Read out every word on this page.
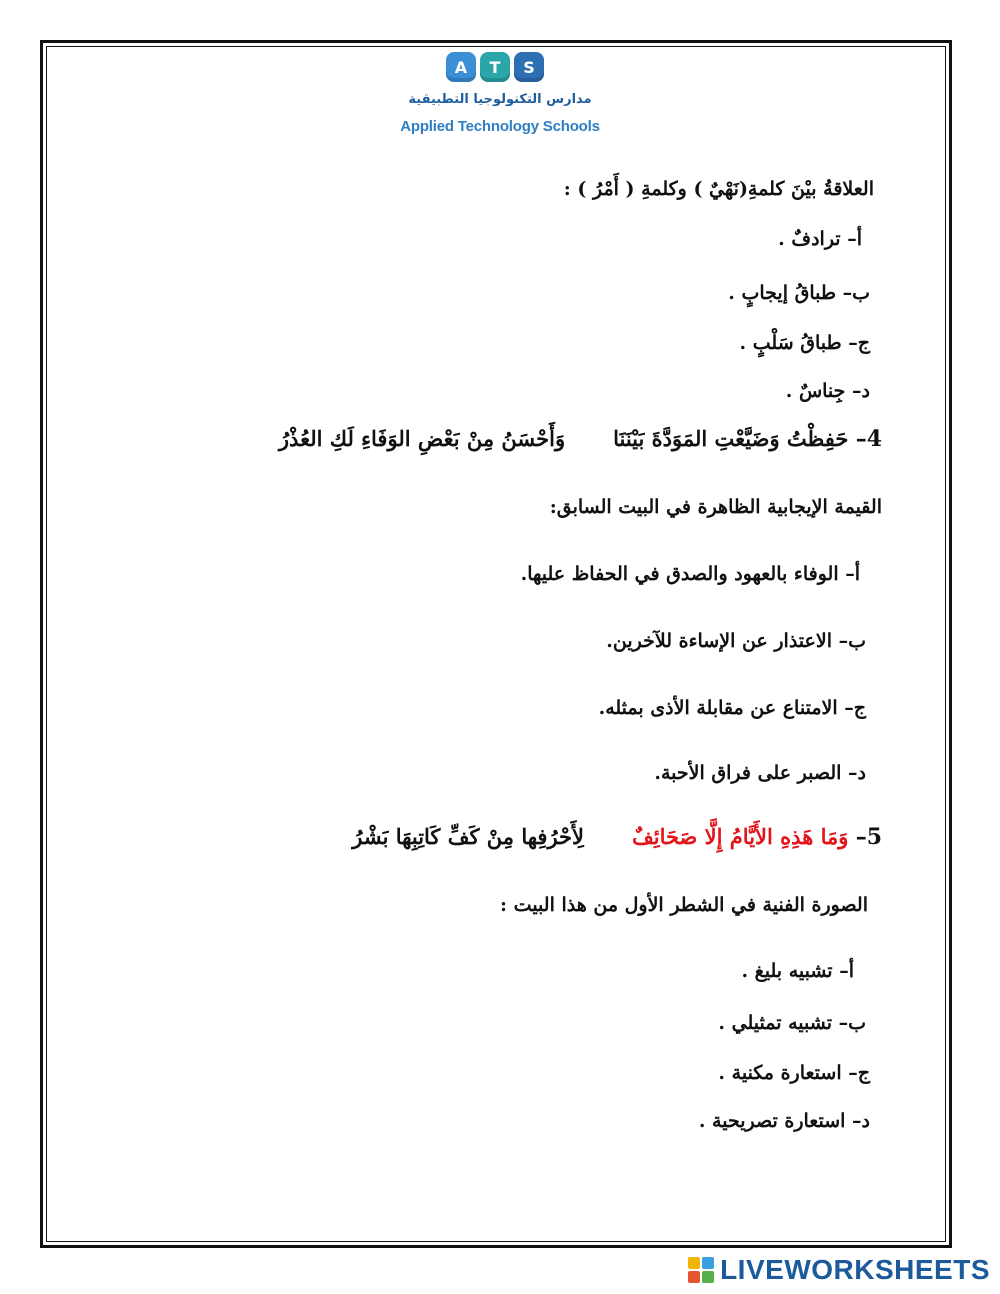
A	T	S
مدارس التكنولوجيا التطبيقية
Applied Technology Schools
العلاقةُ بيْنَ كلمةِ(نَهْيٌ ) وكلمةِ ( أَمْرُ ) :
أ– ترادفٌ .
ب– طباقُ إيجابٍ .
ج– طباقُ سَلْبٍ .
د– جِناسٌ .
4– حَفِظْتُ وَضَيَّعْتِ المَوَدَّةَ بَيْنَنَاوَأَحْسَنُ مِنْ بَعْضِ الوَفَاءِ لَكِ العُذْرُ
القيمة الإيجابية الظاهرة في البيت السابق:
أ– الوفاء بالعهود والصدق في الحفاظ عليها.
ب– الاعتذار عن الإساءة للآخرين.
ج– الامتناع عن مقابلة الأذى بمثله.
د– الصبر على فراق الأحبة.
5– وَمَا هَذِهِ الأَيَّامُ إِلَّا صَحَائِفٌلِأَحْرُفِها مِنْ كَفِّ كَاتِبِهَا بَشْرُ
الصورة الفنية في الشطر الأول من هذا البيت :
أ– تشبيه بليغ .
ب– تشبيه تمثيلي .
ج– استعارة مكنية .
د– استعارة تصريحية .
LIVEWORKSHEETS
